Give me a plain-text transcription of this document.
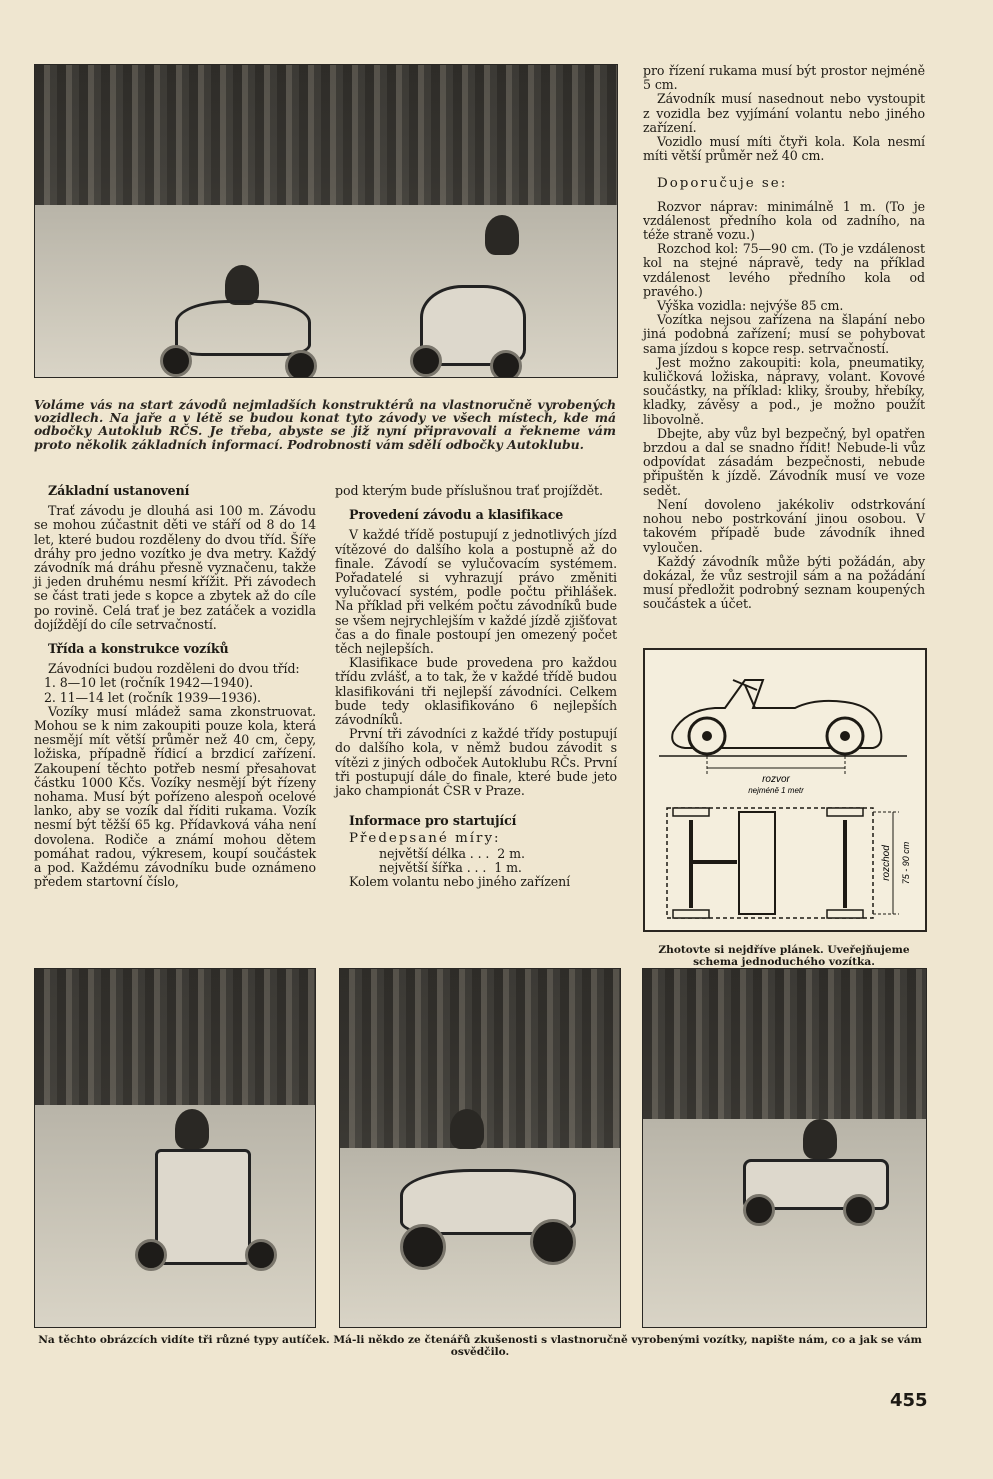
Voláme vás na start závodů nejmladších konstruktérů na vlastnoručně vyrobených vozidlech. Na jaře a v létě se budou konat tyto závody ve všech místech, kde má odbočky Autoklub RČS. Je třeba, abyste se již nyní připravovali a řekneme vám proto několik základních informací. Podrobnosti vám sdělí odbočky Autoklubu.

Základní ustanovení

Trať závodu je dlouhá asi 100 m. Závodu se mohou zúčastnit děti ve stáří od 8 do 14 let, které budou rozděleny do dvou tříd. Šíře dráhy pro jedno vozítko je dva metry. Každý závodník má dráhu přesně vyznačenu, takže ji jeden druhému nesmí křížit. Při závodech se část trati jede s kopce a zbytek až do cíle po rovině. Celá trať je bez zatáček a vozidla dojíždějí do cíle setrvačností.

Třída a konstrukce vozíků

Závodníci budou rozděleni do dvou tříd:

1. 8—10 let (ročník 1942—1940).

2. 11—14 let (ročník 1939—1936).

Vozíky musí mládež sama zkonstruovat. Mohou se k nim zakoupiti pouze kola, která nesmějí mít větší průměr než 40 cm, čepy, ložiska, případně řídicí a brzdicí zařízení. Zakoupení těchto potřeb nesmí přesahovat částku 1000 Kčs. Vozíky nesmějí být řízeny nohama. Musí být pořízeno alespoň ocelové lanko, aby se vozík dal říditi rukama. Vozík nesmí být těžší 65 kg. Přídavková váha není dovolena. Rodiče a známí mohou dětem pomáhat radou, výkresem, koupí součástek a pod. Každému závodníku bude oznámeno předem startovní číslo,

pod kterým bude příslušnou trať projíždět.

Provedení závodu a klasifikace

V každé třídě postupují z jednotlivých jízd vítězové do dalšího kola a postupně až do finale. Závodí se vylučovacím systémem. Pořadatelé si vyhrazují právo změniti vylučovací systém, podle počtu přihlášek. Na příklad při velkém počtu závodníků bude se všem nejrychlejším v každé jízdě zjišťovat čas a do finale postoupí jen omezený počet těch nejlepších.

Klasifikace bude provedena pro každou třídu zvlášť, a to tak, že v každé třídě budou klasifikováni tři nejlepší závodníci. Celkem bude tedy oklasifikováno 6 nejlepších závodníků.

První tři závodníci z každé třídy postupují do dalšího kola, v němž budou závodit s vítězi z jiných odboček Autoklubu RČs. První tři postupují dále do finale, které bude jeto jako championát ČSR v Praze.

Informace pro startující

Předepsané míry:

největší délka . . . 2 m.
největší šířka . . . 1 m.

Kolem volantu nebo jiného zařízení

pro řízení rukama musí být prostor nejméně 5 cm.

Závodník musí nasednout nebo vystoupit z vozidla bez vyjímání volantu nebo jiného zařízení.

Vozidlo musí míti čtyři kola. Kola nesmí míti větší průměr než 40 cm.

Doporučuje se:

Rozvor náprav: minimálně 1 m. (To je vzdálenost předního kola od zadního, na téže straně vozu.)

Rozchod kol: 75—90 cm. (To je vzdálenost kol na stejné nápravě, tedy na příklad vzdálenost levého předního kola od pravého.)

Výška vozidla: nejvýše 85 cm.

Vozítka nejsou zařízena na šlapání nebo jiná podobná zařízení; musí se pohybovat sama jízdou s kopce resp. setrvačností.

Jest možno zakoupiti: kola, pneumatiky, kuličková ložiska, nápravy, volant. Kovové součástky, na příklad: kliky, šrouby, hřebíky, kladky, závěsy a pod., je možno použít libovolně.

Dbejte, aby vůz byl bezpečný, byl opatřen brzdou a dal se snadno řídit! Nebude-li vůz odpovídat zásadám bezpečnosti, nebude připuštěn k jízdě. Závodník musí ve voze sedět.

Není dovoleno jakékoliv odstrkování nohou nebo postrkování jinou osobou. V takovém případě bude závodník ihned vyloučen.

Každý závodník může býti požádán, aby dokázal, že vůz sestrojil sám a na požádání musí předložit podrobný seznam koupených součástek a účet.

rozvor
nejméně 1 metr
rozchod 75 - 90 cm
Zhotovte si nejdříve plánek. Uveřejňujeme schema jednoduchého vozítka.
Na těchto obrázcích vidíte tři různé typy autíček. Má-li někdo ze čtenářů zkušenosti s vlastnoručně vyrobenými vozítky, napište nám, co a jak se vám osvědčilo.
455
